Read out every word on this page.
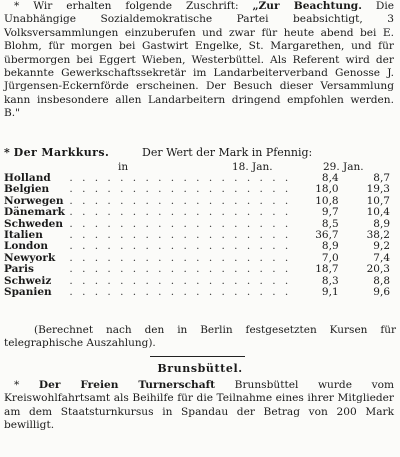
* Wir erhalten folgende Zuschrift: „Zur Beachtung. Die Unabhängige Sozialdemokratische Partei beabsichtigt, 3 Volksversammlungen einzuberufen und zwar für heute abend bei E. Blohm, für morgen bei Gastwirt Engelke, St. Margarethen, und für übermorgen bei Eggert Wieben, Westerbüttel. Als Referent wird der bekannte Gewerkschaftssekretär im Landarbeiterverband Genosse J. Jürgensen-Eckernförde erscheinen. Der Besuch dieser Versammlung kann insbesondere allen Landarbeitern dringend empfohlen werden. B."
* Der Markkurs.	Der Wert der Mark in Pfennig:
in	18. Jan.	29. Jan.
Holland	. . . . . . . . . . . . . . . . . .	8,4	8,7
Belgien	. . . . . . . . . . . . . . . . . .	18,0	19,3
Norwegen	. . . . . . . . . . . . . . . . . .	10,8	10,7
Dänemark	. . . . . . . . . . . . . . . . . .	9,7	10,4
Schweden	. . . . . . . . . . . . . . . . . .	8,5	8,9
Italien	. . . . . . . . . . . . . . . . . .	36,7	38,2
London	. . . . . . . . . . . . . . . . . .	8,9	9,2
Newyork	. . . . . . . . . . . . . . . . . .	7,0	7,4
Paris	. . . . . . . . . . . . . . . . . .	18,7	20,3
Schweiz	. . . . . . . . . . . . . . . . . .	8,3	8,8
Spanien	. . . . . . . . . . . . . . . . . .	9,1	9,6
(Berechnet nach den in Berlin festgesetzten Kursen für telegraphische Auszahlung).
Brunsbüttel.
* Der Freien Turnerschaft Brunsbüttel wurde vom Kreiswohlfahrtsamt als Beihilfe für die Teilnahme eines ihrer Mitglieder am dem Staatsturnkursus in Spandau der Betrag von 200 Mark bewilligt.
